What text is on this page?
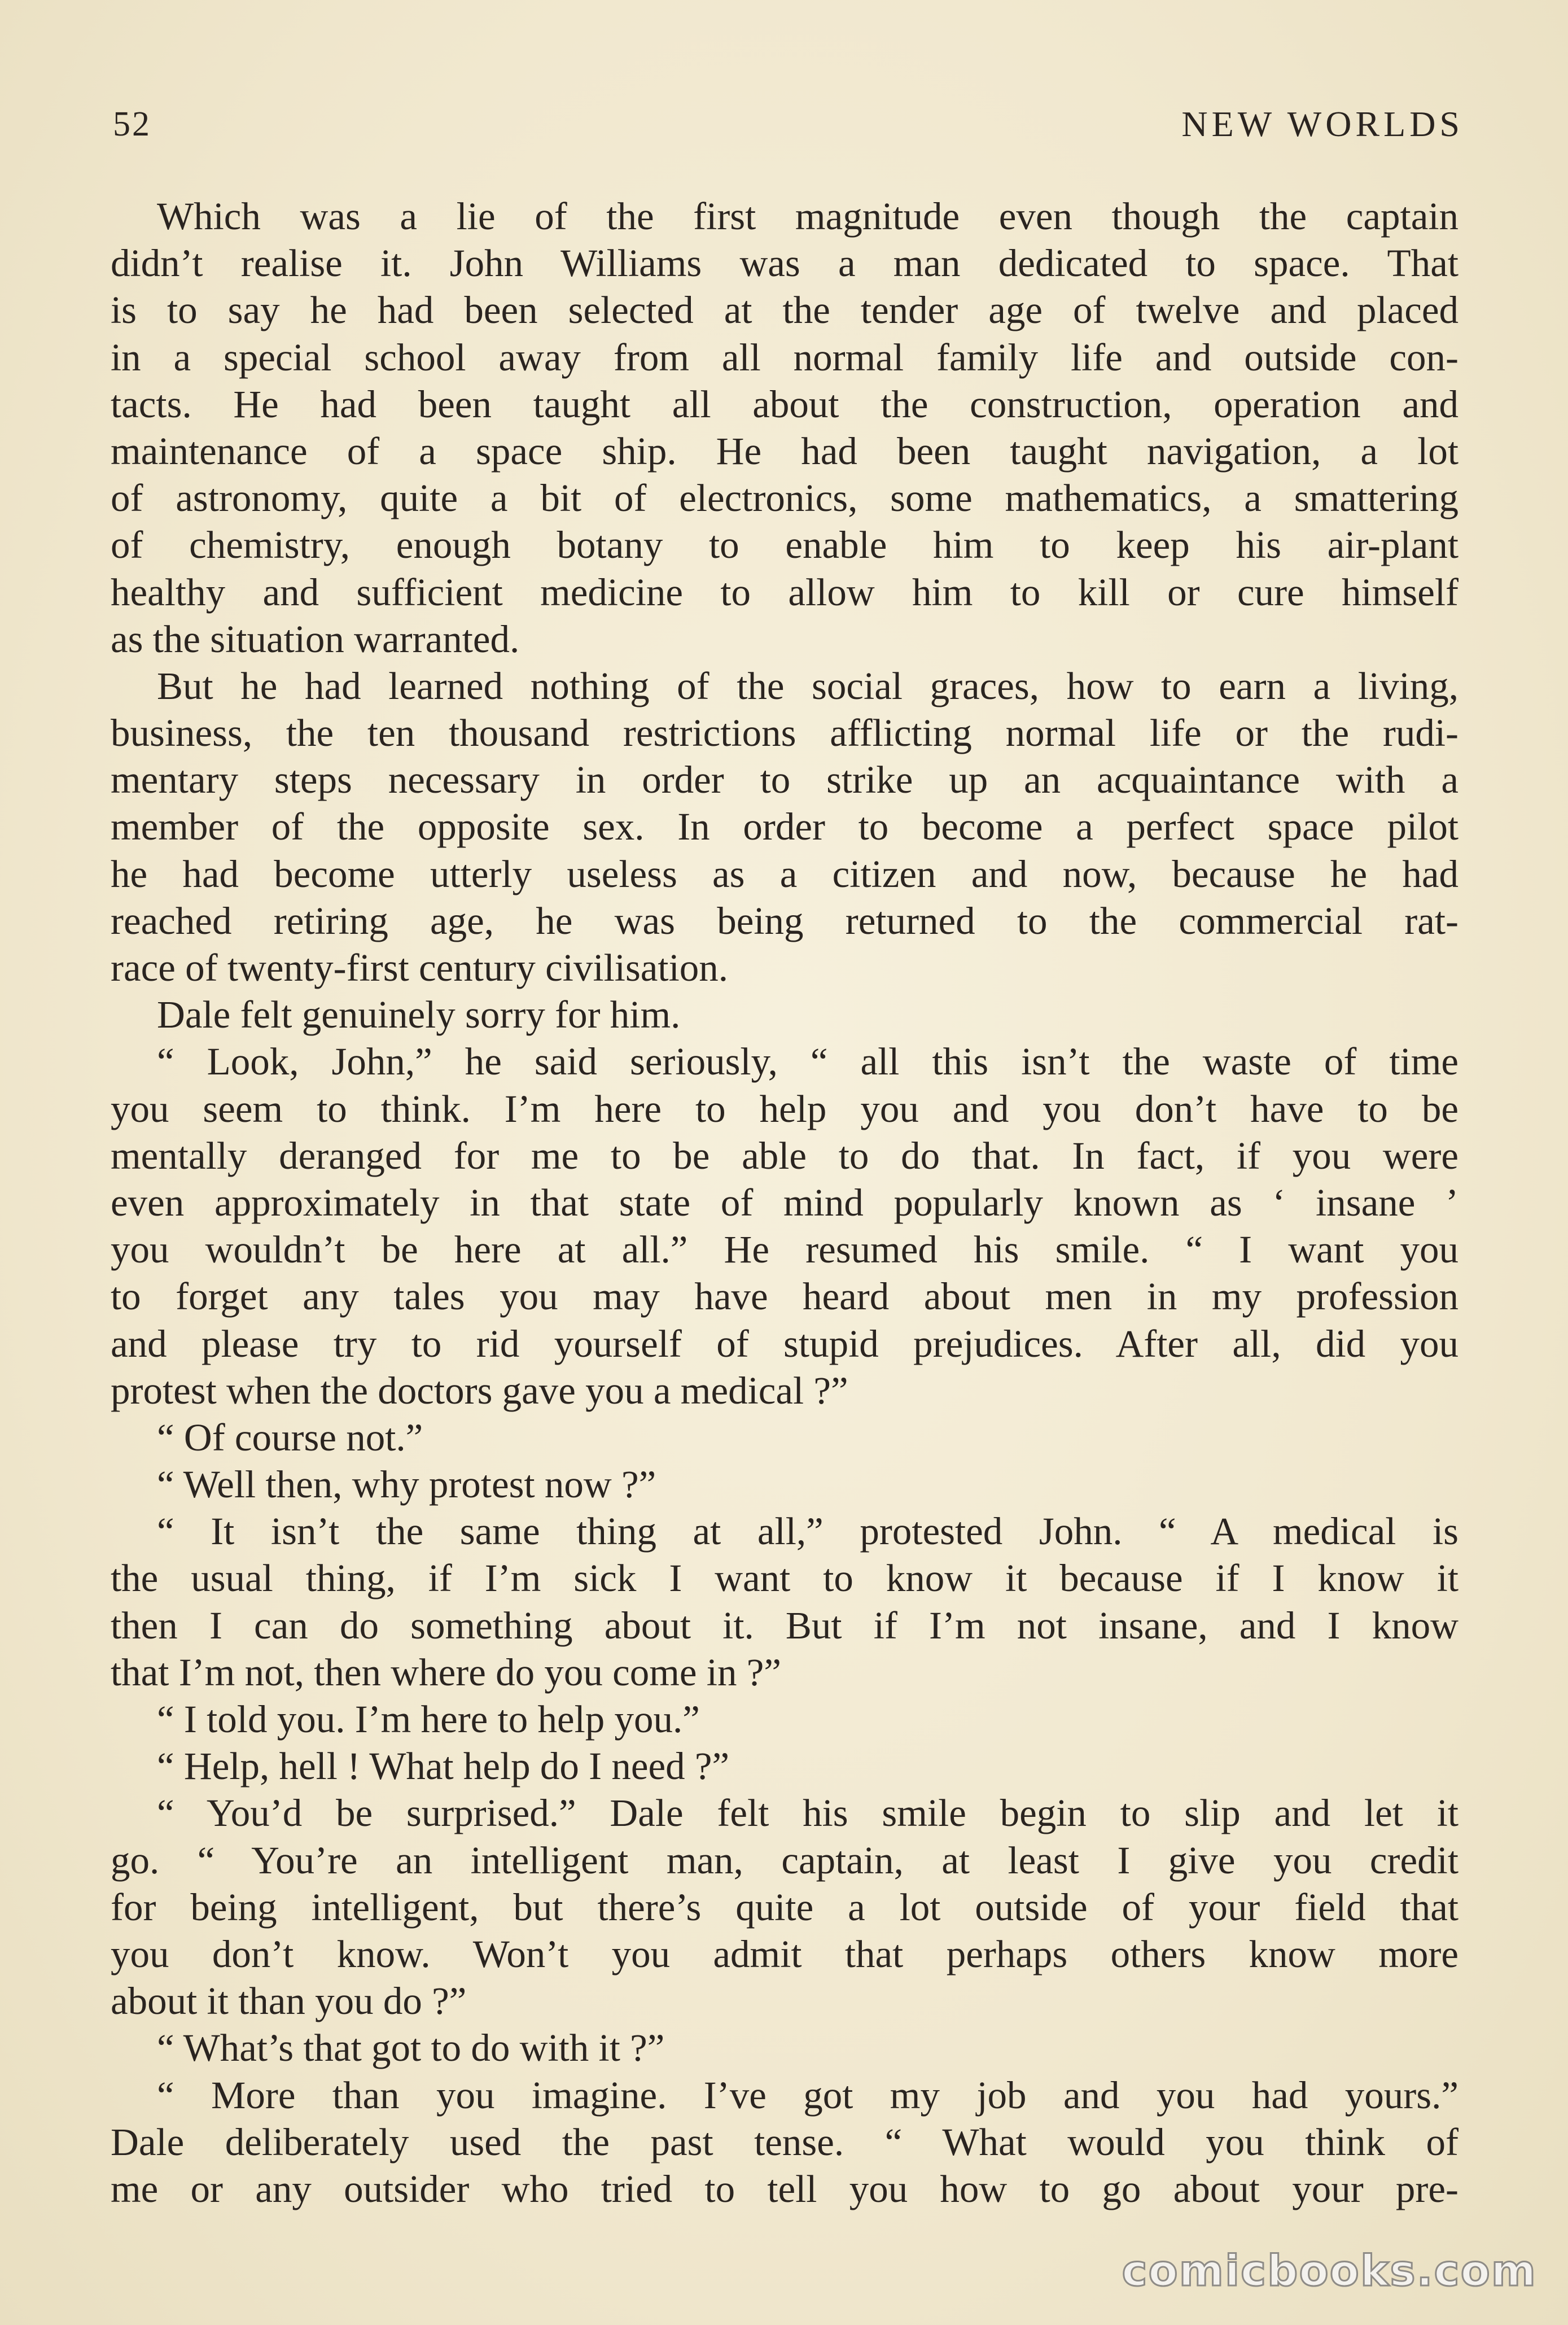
52	NEW WORLDS
Which was a lie of the first magnitude even though the captain
didn’t realise it. John Williams was a man dedicated to space. That
is to say he had been selected at the tender age of twelve and placed
in a special school away from all normal family life and outside con-
tacts. He had been taught all about the construction, operation and
maintenance of a space ship. He had been taught navigation, a lot
of astronomy, quite a bit of electronics, some mathematics, a smattering
of chemistry, enough botany to enable him to keep his air-plant
healthy and sufficient medicine to allow him to kill or cure himself
as the situation warranted.
But he had learned nothing of the social graces, how to earn a living,
business, the ten thousand restrictions afflicting normal life or the rudi-
mentary steps necessary in order to strike up an acquaintance with a
member of the opposite sex. In order to become a perfect space pilot
he had become utterly useless as a citizen and now, because he had
reached retiring age, he was being returned to the commercial rat-
race of twenty-first century civilisation.
Dale felt genuinely sorry for him.
“ Look, John,” he said seriously, “ all this isn’t the waste of time
you seem to think. I’m here to help you and you don’t have to be
mentally deranged for me to be able to do that. In fact, if you were
even approximately in that state of mind popularly known as ‘ insane ’
you wouldn’t be here at all.” He resumed his smile. “ I want you
to forget any tales you may have heard about men in my profession
and please try to rid yourself of stupid prejudices. After all, did you
protest when the doctors gave you a medical ?”
“ Of course not.”
“ Well then, why protest now ?”
“ It isn’t the same thing at all,” protested John. “ A medical is
the usual thing, if I’m sick I want to know it because if I know it
then I can do something about it. But if I’m not insane, and I know
that I’m not, then where do you come in ?”
“ I told you. I’m here to help you.”
“ Help, hell ! What help do I need ?”
“ You’d be surprised.” Dale felt his smile begin to slip and let it
go. “ You’re an intelligent man, captain, at least I give you credit
for being intelligent, but there’s quite a lot outside of your field that
you don’t know. Won’t you admit that perhaps others know more
about it than you do ?”
“ What’s that got to do with it ?”
“ More than you imagine. I’ve got my job and you had yours.”
Dale deliberately used the past tense. “ What would you think of
me or any outsider who tried to tell you how to go about your pre-
comicbooks.com
